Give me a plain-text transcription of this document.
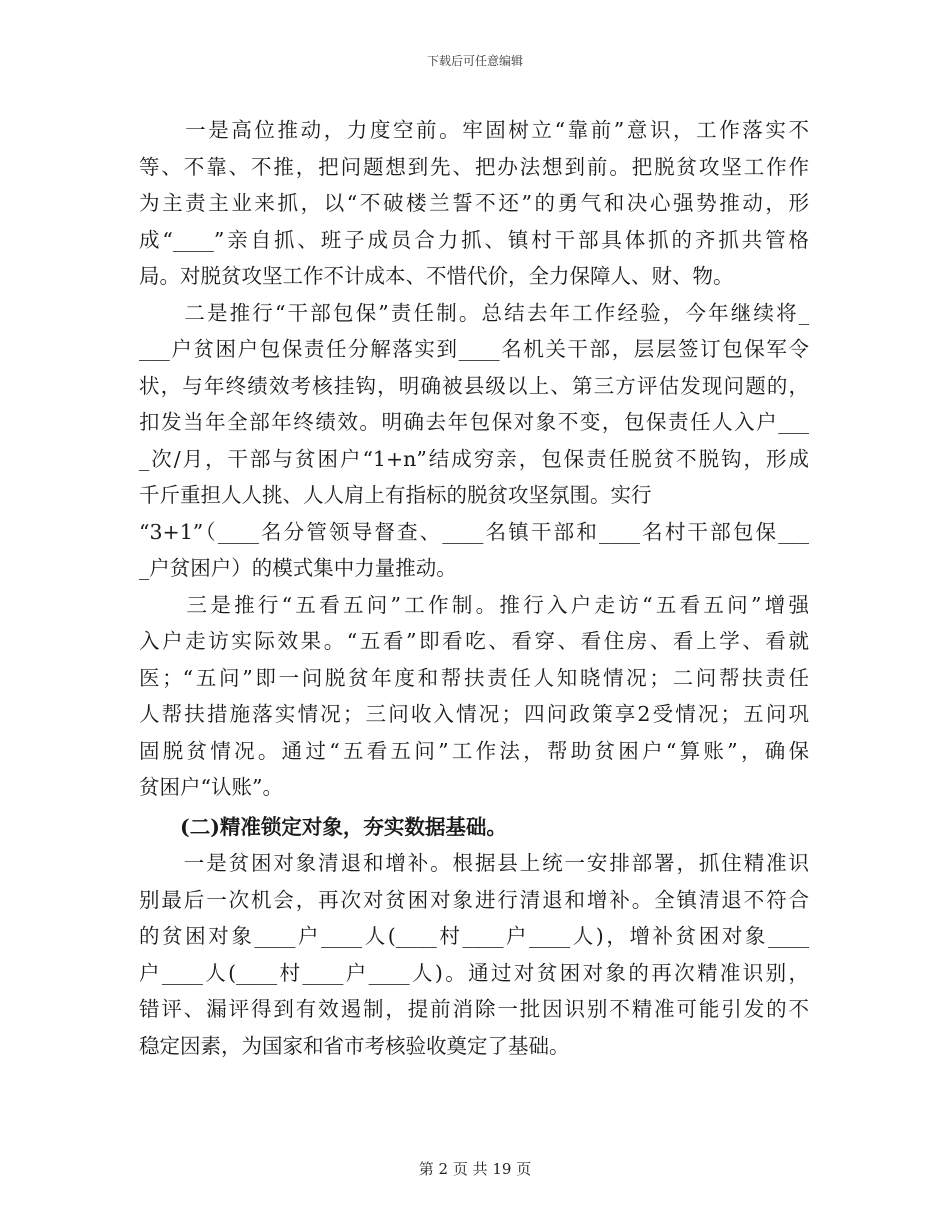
下载后可任意编辑
　　一是高位推动，力度空前。牢固树立“靠前”意识，工作落实不
等、不靠、不推，把问题想到先、把办法想到前。把脱贫攻坚工作作
为主责主业来抓，以“不破楼兰誓不还”的勇气和决心强势推动，形
成“____”亲自抓、班子成员合力抓、镇村干部具体抓的齐抓共管格
局。对脱贫攻坚工作不计成本、不惜代价，全力保障人、财、物。
　　二是推行“干部包保”责任制。总结去年工作经验，今年继续将_
___户贫困户包保责任分解落实到____名机关干部，层层签订包保军令
状，与年终绩效考核挂钩，明确被县级以上、第三方评估发现问题的，
扣发当年全部年终绩效。明确去年包保对象不变，包保责任人入户___
_次/月，干部与贫困户“1+n”结成穷亲，包保责任脱贫不脱钩，形成
千斤重担人人挑、人人肩上有指标的脱贫攻坚氛围。实行
“3+1”（____名分管领导督查、____名镇干部和____名村干部包保___
_户贫困户）的模式集中力量推动。
　　三是推行“五看五问”工作制。推行入户走访“五看五问”增强
入户走访实际效果。“五看”即看吃、看穿、看住房、看上学、看就
医；“五问”即一问脱贫年度和帮扶责任人知晓情况；二问帮扶责任
人帮扶措施落实情况；三问收入情况；四问政策享2受情况；五问巩
固脱贫情况。通过“五看五问”工作法，帮助贫困户“算账”，确保
贫困户“认账”。
　　(二)精准锁定对象，夯实数据基础。
　　一是贫困对象清退和增补。根据县上统一安排部署，抓住精准识
别最后一次机会，再次对贫困对象进行清退和增补。全镇清退不符合
的贫困对象____户____人(____村____户____人)，增补贫困对象____
户____人(____村____户____人)。通过对贫困对象的再次精准识别，
错评、漏评得到有效遏制，提前消除一批因识别不精准可能引发的不
稳定因素，为国家和省市考核验收奠定了基础。
第 2 页 共 19 页
